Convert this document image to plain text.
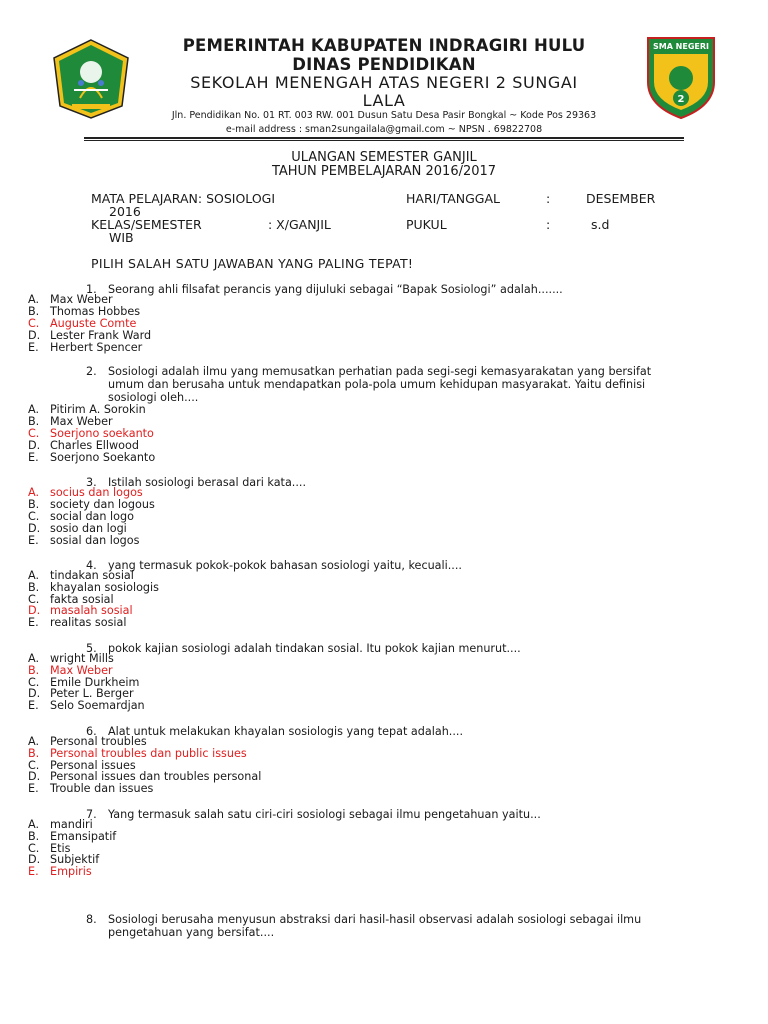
SMA NEGERI
2
PEMERINTAH KABUPATEN INDRAGIRI HULU
DINAS PENDIDIKAN
SEKOLAH MENENGAH ATAS NEGERI 2 SUNGAI
LALA
Jln. Pendidikan No. 01 RT. 003 RW. 001 Dusun Satu Desa Pasir Bongkal ~ Kode Pos 29363
e-mail address : sman2sungailala@gmail.com ~ NPSN . 69822708
ULANGAN SEMESTER GANJIL
TAHUN PEMBELAJARAN 2016/2017
MATA PELAJARAN: SOSIOLOGI	HARI/TANGGAL	:	DESEMBER
2016
KELAS/SEMESTER	: X/GANJIL	PUKUL	:	s.d
WIB
PILIH SALAH SATU JAWABAN YANG PALING TEPAT!
1. Seorang ahli filsafat perancis yang dijuluki sebagai “Bapak Sosiologi” adalah.......
A. Max Weber
B. Thomas Hobbes
C. Auguste Comte
D. Lester Frank Ward
E. Herbert Spencer
2. Sosiologi adalah ilmu yang memusatkan perhatian pada segi-segi kemasyarakatan yang bersifat umum dan berusaha untuk mendapatkan pola-pola umum kehidupan masyarakat. Yaitu definisi sosiologi oleh....
A. Pitirim A. Sorokin
B. Max Weber
C. Soerjono soekanto
D. Charles Ellwood
E. Soerjono Soekanto
3. Istilah sosiologi berasal dari kata....
A. socius dan logos
B. society dan logous
C. social dan logo
D. sosio dan logi
E. sosial dan logos
4. yang termasuk pokok-pokok bahasan sosiologi yaitu, kecuali....
A. tindakan sosial
B. khayalan sosiologis
C. fakta sosial
D. masalah sosial
E. realitas sosial
5. pokok kajian sosiologi adalah tindakan sosial. Itu pokok kajian menurut....
A. wright Mills
B. Max Weber
C. Emile Durkheim
D. Peter L. Berger
E. Selo Soemardjan
6. Alat untuk melakukan khayalan sosiologis yang tepat adalah....
A. Personal troubles
B. Personal troubles dan public issues
C. Personal issues
D. Personal issues dan troubles personal
E. Trouble dan issues
7. Yang termasuk salah satu ciri-ciri sosiologi sebagai ilmu pengetahuan yaitu...
A. mandiri
B. Emansipatif
C. Etis
D. Subjektif
E. Empiris
8. Sosiologi berusaha menyusun abstraksi dari hasil-hasil observasi adalah sosiologi sebagai ilmu pengetahuan yang bersifat....
